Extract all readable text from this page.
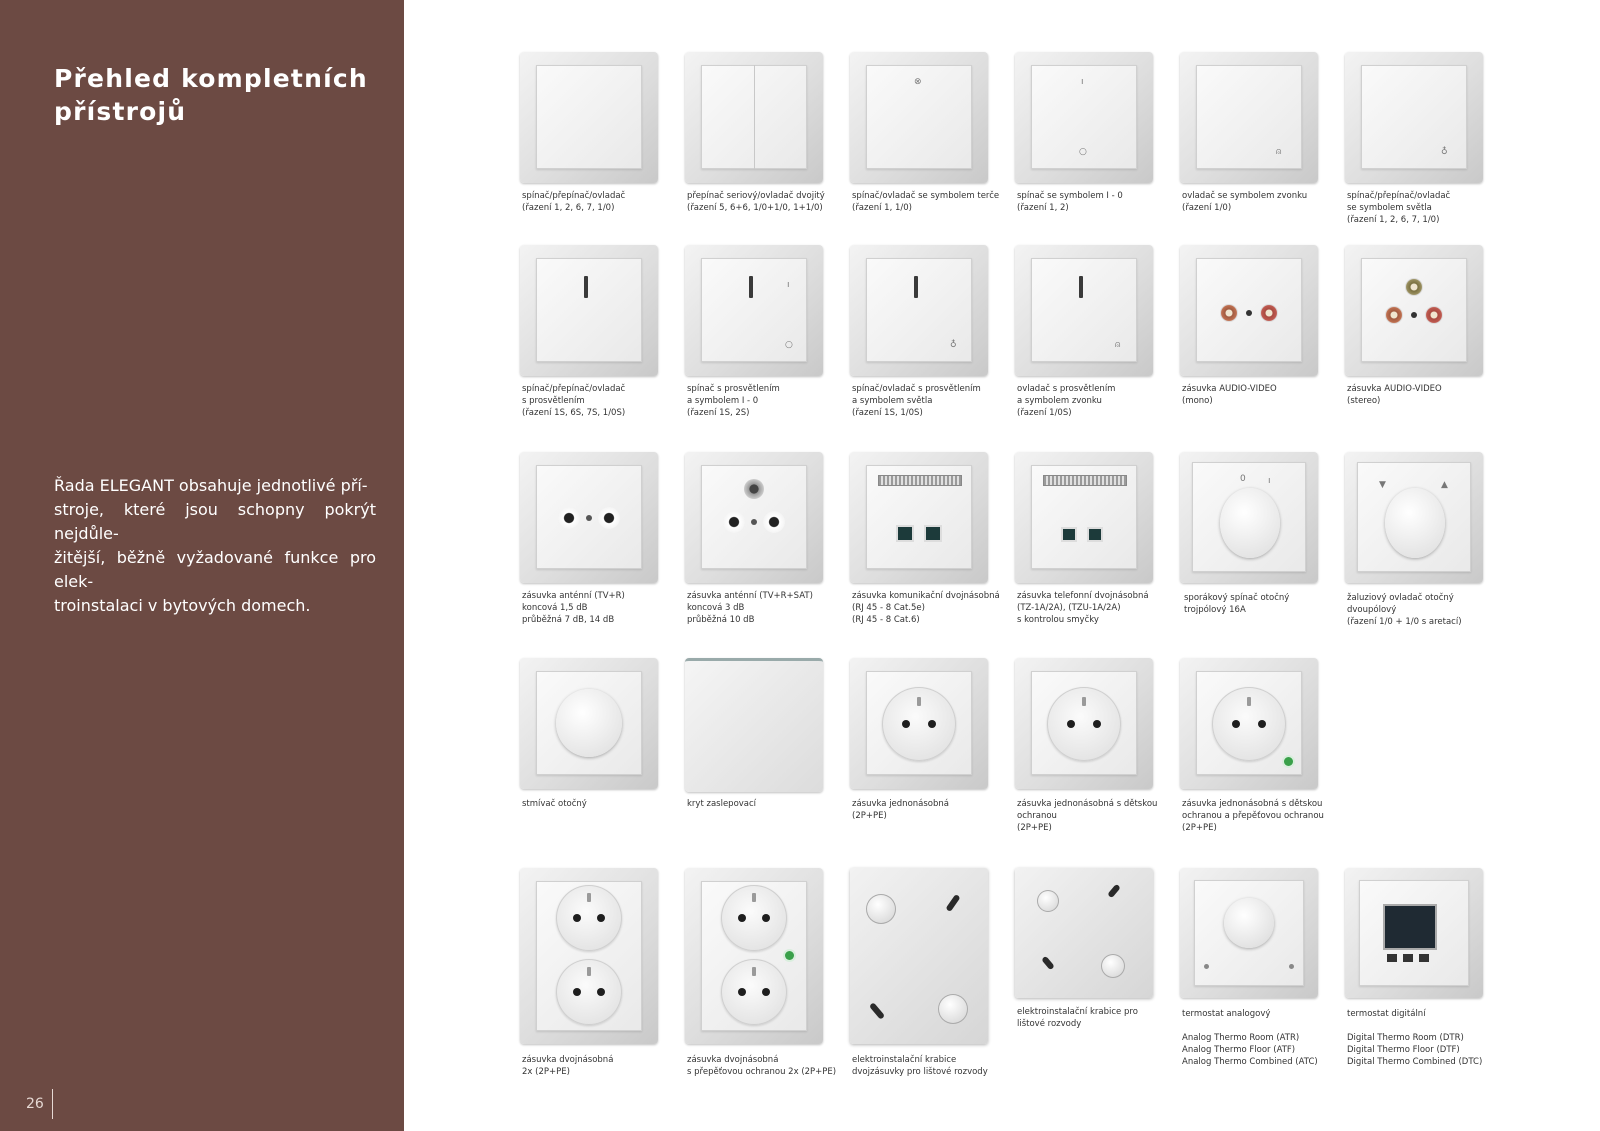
Přehled kompletních
přístrojů
Řada ELEGANT obsahuje jednotlivé pří-
stroje, které jsou schopny pokrýt nejdůle-
žitější, běžně vyžadované funkce pro elek-
troinstalaci v bytových domech.
26
spínač/přepínač/ovladač
(řazení 1, 2, 6, 7, 1/0)
přepínač seriový/ovladač dvojitý
(řazení 5, 6+6, 1/0+1/0, 1+1/0)
⊗
spínač/ovladač se symbolem terče
(řazení 1, 1/0)
ı
○
spínač se symbolem I - 0
(řazení 1, 2)
⍝
ovladač se symbolem zvonku
(řazení 1/0)
♁
spínač/přepínač/ovladač
se symbolem světla
(řazení 1, 2, 6, 7, 1/0)
spínač/přepínač/ovladač
s prosvětlením
(řazení 1S, 6S, 7S, 1/0S)
ı
○
spínač s prosvětlením
a symbolem I - 0
(řazení 1S, 2S)
♁
spínač/ovladač s prosvětlením
a symbolem světla
(řazení 1S, 1/0S)
⍝
ovladač s prosvětlením
a symbolem zvonku
(řazení 1/0S)
zásuvka AUDIO-VIDEO
(mono)
zásuvka AUDIO-VIDEO
(stereo)
zásuvka anténní (TV+R)
koncová 1,5 dB
průběžná 7 dB, 14 dB
zásuvka anténní (TV+R+SAT)
koncová 3 dB
průběžná 10 dB
zásuvka komunikační dvojnásobná
(RJ 45 - 8 Cat.5e)
(RJ 45 - 8 Cat.6)
zásuvka telefonní dvojnásobná
(TZ-1A/2A), (TZU-1A/2A)
s kontrolou smyčky
0 ı
sporákový spínač otočný
trojpólový 16A
▼	▲
žaluziový ovladač otočný
dvoupólový
(řazení 1/0 + 1/0 s aretací)
stmívač otočný	kryt zaslepovací	zásuvka jednonásobná
(2P+PE)
zásuvka jednonásobná s dětskou
ochranou
(2P+PE)
zásuvka jednonásobná s dětskou
ochranou a přepěťovou ochranou
(2P+PE)
zásuvka dvojnásobná
2x (2P+PE)
zásuvka dvojnásobná
s přepěťovou ochranou 2x (2P+PE)
elektroinstalační krabice
dvojzásuvky pro lištové rozvody
elektroinstalační krabice pro
lištové rozvody
termostat analogový
Analog Thermo Room (ATR)
Analog Thermo Floor (ATF)
Analog Thermo Combined (ATC)
termostat digitální
Digital Thermo Room (DTR)
Digital Thermo Floor (DTF)
Digital Thermo Combined (DTC)
